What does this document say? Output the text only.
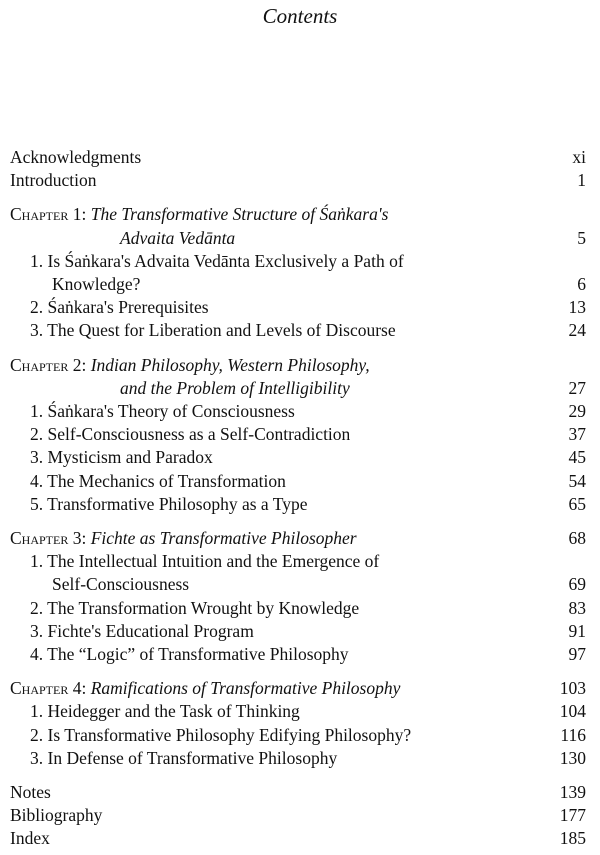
Contents
Acknowledgments	xi
Introduction	1
Chapter 1: The Transformative Structure of Śaṅkara's
Advaita Vedānta	5
1. Is Śaṅkara's Advaita Vedānta Exclusively a Path of
Knowledge?	6
2. Śaṅkara's Prerequisites	13
3. The Quest for Liberation and Levels of Discourse	24
Chapter 2: Indian Philosophy, Western Philosophy,
and the Problem of Intelligibility	27
1. Śaṅkara's Theory of Consciousness	29
2. Self-Consciousness as a Self-Contradiction	37
3. Mysticism and Paradox	45
4. The Mechanics of Transformation	54
5. Transformative Philosophy as a Type	65
Chapter 3: Fichte as Transformative Philosopher	68
1. The Intellectual Intuition and the Emergence of
Self-Consciousness	69
2. The Transformation Wrought by Knowledge	83
3. Fichte's Educational Program	91
4. The “Logic” of Transformative Philosophy	97
Chapter 4: Ramifications of Transformative Philosophy	103
1. Heidegger and the Task of Thinking	104
2. Is Transformative Philosophy Edifying Philosophy?	116
3. In Defense of Transformative Philosophy	130
Notes	139
Bibliography	177
Index	185
